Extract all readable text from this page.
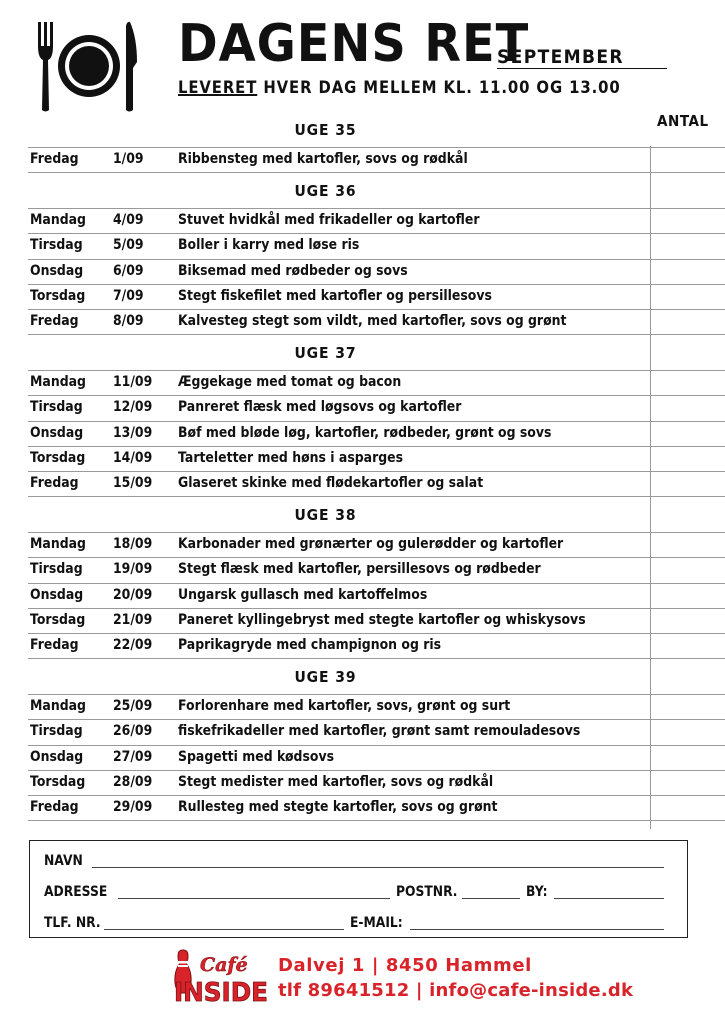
DAGENS RET
SEPTEMBER
LEVERET HVER DAG MELLEM KL. 11.00 OG 13.00
ANTAL
UGE 35
Fredag 1/09 Ribbensteg med kartofler, sovs og rødkål
UGE 36
Mandag 4/09 Stuvet hvidkål med frikadeller og kartofler
Tirsdag 5/09 Boller i karry med løse ris
Onsdag 6/09 Biksemad med rødbeder og sovs
Torsdag 7/09 Stegt fiskefilet med kartofler og persillesovs
Fredag 8/09 Kalvesteg stegt som vildt, med kartofler, sovs og grønt
UGE 37
Mandag 11/09 Æggekage med tomat og bacon
Tirsdag 12/09 Panreret flæsk med løgsovs og kartofler
Onsdag 13/09 Bøf med bløde løg, kartofler, rødbeder, grønt og sovs
Torsdag 14/09 Tarteletter med høns i asparges
Fredag 15/09 Glaseret skinke med flødekartofler og salat
UGE 38
Mandag 18/09 Karbonader med grønærter og gulerødder og kartofler
Tirsdag 19/09 Stegt flæsk med kartofler, persillesovs og rødbeder
Onsdag 20/09 Ungarsk gullasch med kartoffelmos
Torsdag 21/09 Paneret kyllingebryst med stegte kartofler og whiskysovs
Fredag 22/09 Paprikagryde med champignon og ris
UGE 39
Mandag 25/09 Forlorenhare med kartofler, sovs, grønt og surt
Tirsdag 26/09 fiskefrikadeller med kartofler, grønt samt remouladesovs
Onsdag 27/09 Spagetti med kødsovs
Torsdag 28/09 Stegt medister med kartofler, sovs og rødkål
Fredag 29/09 Rullesteg med stegte kartofler, sovs og grønt
NAVN
ADRESSE	POSTNR.	BY:
TLF. NR.	E-MAIL:
Café
INSIDE
Dalvej 1 | 8450 Hammel
tlf 89641512 | info@cafe-inside.dk
